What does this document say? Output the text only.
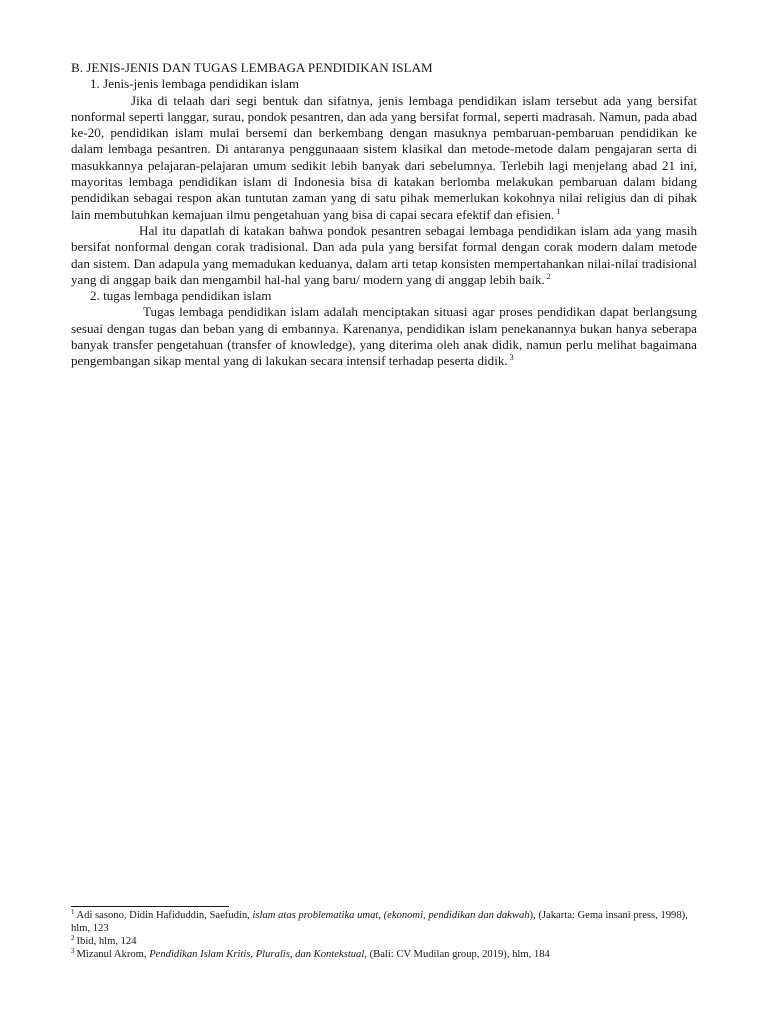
B. JENIS-JENIS DAN TUGAS LEMBAGA PENDIDIKAN ISLAM
1. Jenis-jenis lembaga pendidikan islam

Jika di telaah dari segi bentuk dan sifatnya, jenis lembaga pendidikan islam tersebut ada yang bersifat nonformal seperti langgar, surau, pondok pesantren, dan ada yang bersifat formal, seperti madrasah. Namun, pada abad ke-20, pendidikan islam mulai bersemi dan berkembang dengan masuknya pembaruan-pembaruan pendidikan ke dalam lembaga pesantren. Di antaranya penggunaaan sistem klasikal dan metode-metode dalam pengajaran serta di masukkannya pelajaran-pelajaran umum sedikit lebih banyak dari sebelumnya. Terlebih lagi menjelang abad 21 ini, mayoritas lembaga pendidikan islam di Indonesia bisa di katakan berlomba melakukan pembaruan dalam bidang pendidikan sebagai respon akan tuntutan zaman yang di satu pihak memerlukan kokohnya nilai religius dan di pihak lain membutuhkan kemajuan ilmu pengetahuan yang bisa di capai secara efektif dan efisien. $^1$

Hal itu dapatlah di katakan bahwa pondok pesantren sebagai lembaga pendidikan islam ada yang masih bersifat nonformal dengan corak tradisional. Dan ada pula yang bersifat formal dengan corak modern dalam metode dan sistem. Dan adapula yang memadukan keduanya, dalam arti tetap konsisten mempertahankan nilai-nilai tradisional yang di anggap baik dan mengambil hal-hal yang baru/ modern yang di anggap lebih baik. $^2$

2. tugas lembaga pendidikan islam

Tugas lembaga pendidikan islam adalah menciptakan situasi agar proses pendidikan dapat berlangsung sesuai dengan tugas dan beban yang di embannya. Karenanya, pendidikan islam penekanannya bukan hanya seberapa banyak transfer pengetahuan (transfer of knowledge), yang diterima oleh anak didik, namun perlu melihat bagaimana pengembangan sikap mental yang di lakukan secara intensif terhadap peserta didik. $^3$

$^1$ Adi sasono, Didin Hafiduddin, Saefudin, islam atas problematika umat, (ekonomi, pendidikan dan dakwah), (Jakarta: Gema insani press, 1998), hlm, 123

$^2$ Ibid, hlm, 124

$^3$ Mizanul Akrom, Pendidikan Islam Kritis, Pluralis, dan Kontekstual, (Bali: CV Mudilan group, 2019), hlm, 184
